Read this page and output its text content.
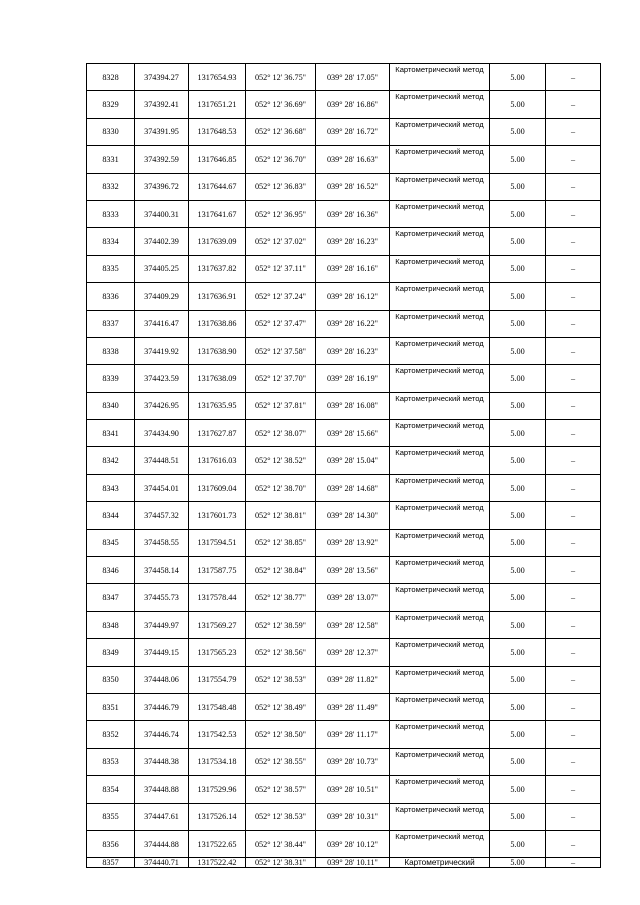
8328	374394.27	1317654.93	052° 12' 36.75"	039° 28' 17.05"	Картометрический метод	5.00	–
8329	374392.41	1317651.21	052° 12' 36.69"	039° 28' 16.86"	Картометрический метод	5.00	–
8330	374391.95	1317648.53	052° 12' 36.68"	039° 28' 16.72"	Картометрический метод	5.00	–
8331	374392.59	1317646.85	052° 12' 36.70"	039° 28' 16.63"	Картометрический метод	5.00	–
8332	374396.72	1317644.67	052° 12' 36.83"	039° 28' 16.52"	Картометрический метод	5.00	–
8333	374400.31	1317641.67	052° 12' 36.95"	039° 28' 16.36"	Картометрический метод	5.00	–
8334	374402.39	1317639.09	052° 12' 37.02"	039° 28' 16.23"	Картометрический метод	5.00	–
8335	374405.25	1317637.82	052° 12' 37.11"	039° 28' 16.16"	Картометрический метод	5.00	–
8336	374409.29	1317636.91	052° 12' 37.24"	039° 28' 16.12"	Картометрический метод	5.00	–
8337	374416.47	1317638.86	052° 12' 37.47"	039° 28' 16.22"	Картометрический метод	5.00	–
8338	374419.92	1317638.90	052° 12' 37.58"	039° 28' 16.23"	Картометрический метод	5.00	–
8339	374423.59	1317638.09	052° 12' 37.70"	039° 28' 16.19"	Картометрический метод	5.00	–
8340	374426.95	1317635.95	052° 12' 37.81"	039° 28' 16.08"	Картометрический метод	5.00	–
8341	374434.90	1317627.87	052° 12' 38.07"	039° 28' 15.66"	Картометрический метод	5.00	–
8342	374448.51	1317616.03	052° 12' 38.52"	039° 28' 15.04"	Картометрический метод	5.00	–
8343	374454.01	1317609.04	052° 12' 38.70"	039° 28' 14.68"	Картометрический метод	5.00	–
8344	374457.32	1317601.73	052° 12' 38.81"	039° 28' 14.30"	Картометрический метод	5.00	–
8345	374458.55	1317594.51	052° 12' 38.85"	039° 28' 13.92"	Картометрический метод	5.00	–
8346	374458.14	1317587.75	052° 12' 38.84"	039° 28' 13.56"	Картометрический метод	5.00	–
8347	374455.73	1317578.44	052° 12' 38.77"	039° 28' 13.07"	Картометрический метод	5.00	–
8348	374449.97	1317569.27	052° 12' 38.59"	039° 28' 12.58"	Картометрический метод	5.00	–
8349	374449.15	1317565.23	052° 12' 38.56"	039° 28' 12.37"	Картометрический метод	5.00	–
8350	374448.06	1317554.79	052° 12' 38.53"	039° 28' 11.82"	Картометрический метод	5.00	–
8351	374446.79	1317548.48	052° 12' 38.49"	039° 28' 11.49"	Картометрический метод	5.00	–
8352	374446.74	1317542.53	052° 12' 38.50"	039° 28' 11.17"	Картометрический метод	5.00	–
8353	374448.38	1317534.18	052° 12' 38.55"	039° 28' 10.73"	Картометрический метод	5.00	–
8354	374448.88	1317529.96	052° 12' 38.57"	039° 28' 10.51"	Картометрический метод	5.00	–
8355	374447.61	1317526.14	052° 12' 38.53"	039° 28' 10.31"	Картометрический метод	5.00	–
8356	374444.88	1317522.65	052° 12' 38.44"	039° 28' 10.12"	Картометрический метод	5.00	–
8357	374440.71	1317522.42	052° 12' 38.31"	039° 28' 10.11"	Картометрический	5.00	–
